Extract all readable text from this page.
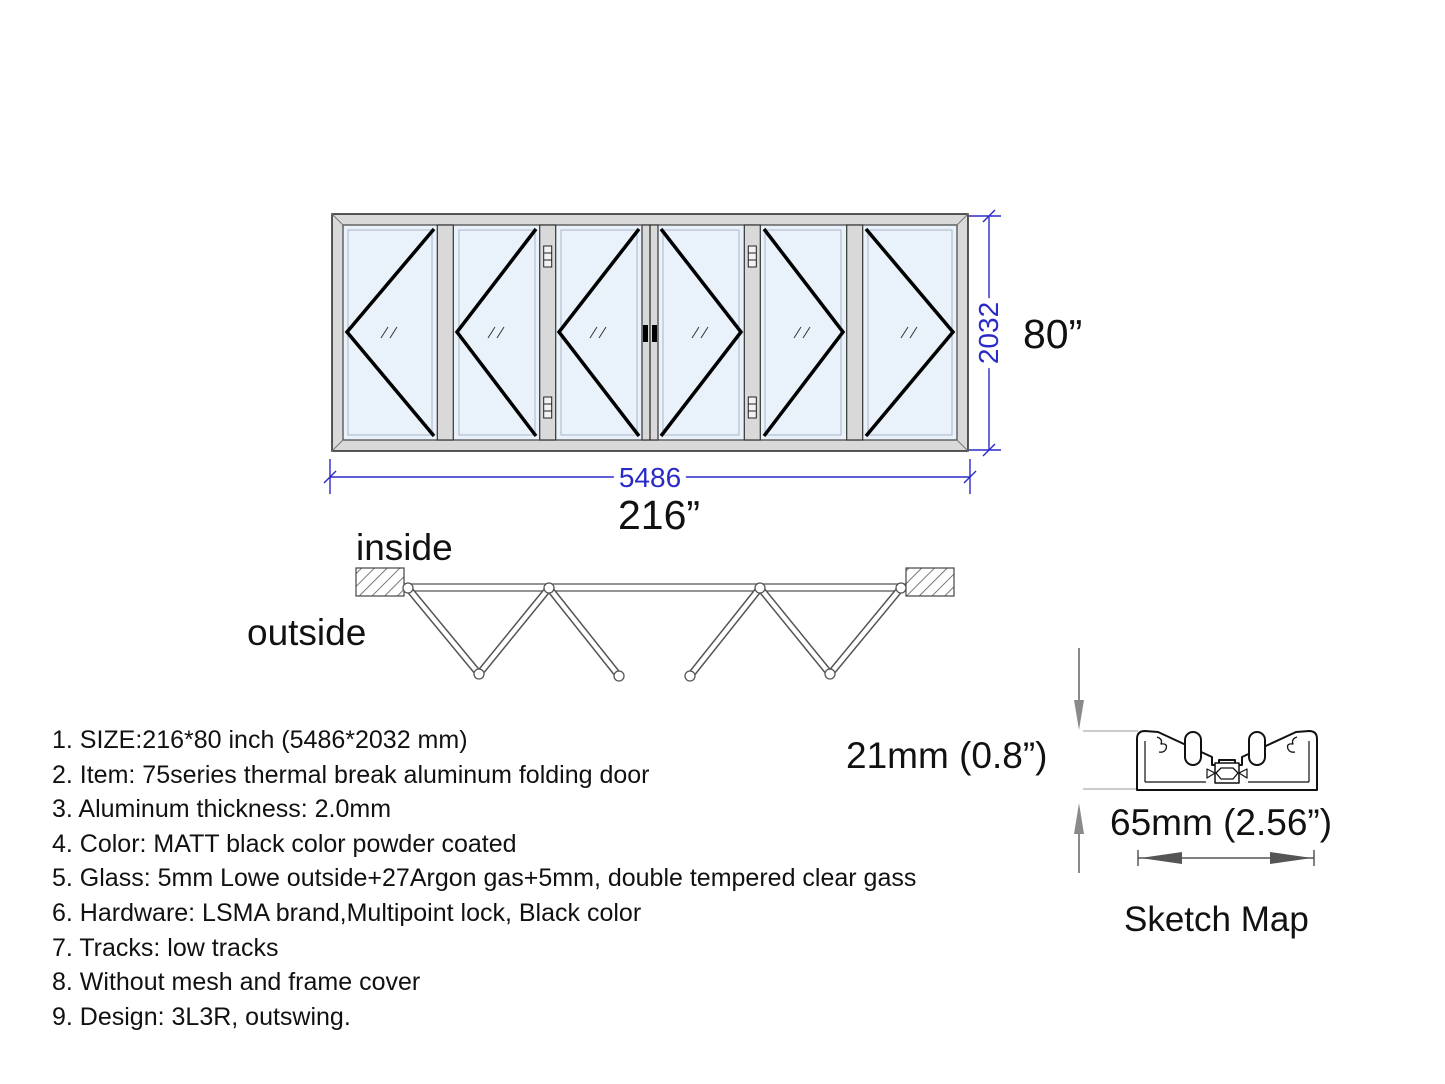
5486
2032
216”
80”
inside
outside
1. SIZE:216*80 inch (5486*2032 mm)
2. Item: 75series thermal break aluminum folding door
3. Aluminum thickness: 2.0mm
4. Color: MATT black color powder coated
5. Glass: 5mm Lowe outside+27Argon gas+5mm, double tempered clear gass
6. Hardware: LSMA brand,Multipoint lock, Black color
7. Tracks: low tracks
8. Without mesh and frame cover
9. Design: 3L3R, outswing.
21mm (0.8”)
65mm (2.56”)
Sketch Map
